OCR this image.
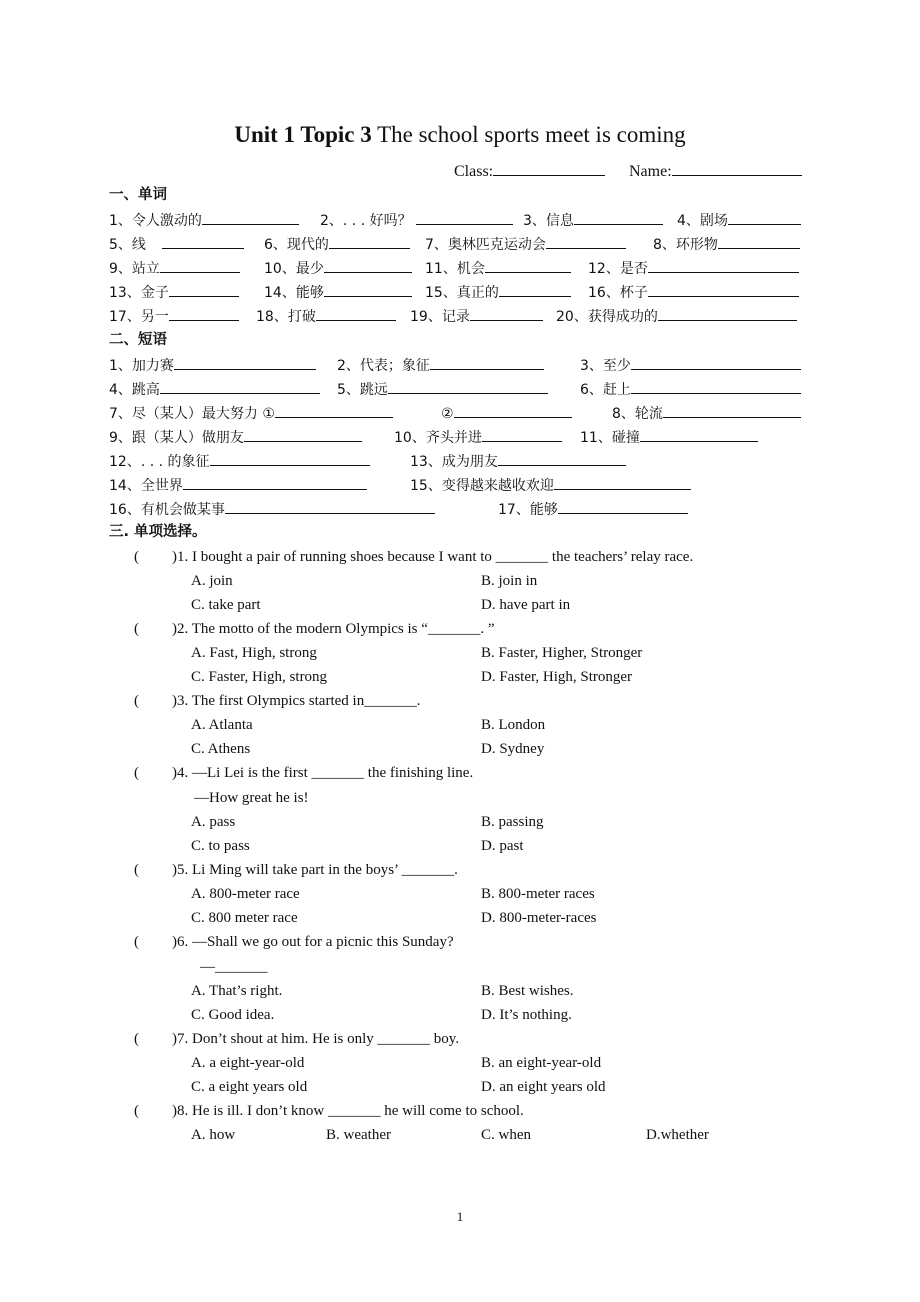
Unit 1 Topic 3 The school sports meet is coming
Class:	Name:
一、单词
1、令人激动的	2、. . . 好吗？	3、信息	4、剧场
5、线	6、现代的	7、奥林匹克运动会	8、环形物
9、站立	10、最少	11、机会	12、是否
13、金子	14、能够	15、真正的	16、杯子
17、另一	18、打破	19、记录	20、获得成功的
二、短语
1、加力赛	2、代表；象征	3、至少
4、跳高	5、跳远	6、赶上
7、尽（某人）最大努力 ①	②	8、轮流
9、跟（某人）做朋友	10、齐头并进	11、碰撞
12、. . . 的象征	13、成为朋友
14、全世界	15、变得越来越收欢迎
16、有机会做某事	17、能够
三. 单项选择。
( )1. I bought a pair of running shoes because I want to _______ the teachers’ relay race.
A. join	B. join in
C. take part	D. have part in
( )2. The motto of the modern Olympics is “_______. ”
A. Fast, High, strong	B. Faster, Higher, Stronger
C. Faster, High, strong	D. Faster, High, Stronger
( )3. The first Olympics started in_______.
A. Atlanta	B. London
C. Athens	D. Sydney
( )4. —Li Lei is the first _______ the finishing line.
—How great he is!
A. pass	B. passing
C. to pass	D. past
( )5. Li Ming will take part in the boys’ _______.
A. 800-meter race	B. 800-meter races
C. 800 meter race	D. 800-meter-races
( )6. —Shall we go out for a picnic this Sunday?
—_______
A. That’s right.	B. Best wishes.
C. Good idea.	D. It’s nothing.
( )7. Don’t shout at him. He is only _______ boy.
A. a eight-year-old	B. an eight-year-old
C. a eight years old	D. an eight years old
( )8. He is ill. I don’t know _______ he will come to school.
A. how	B. weather	C. when	D.whether
1
